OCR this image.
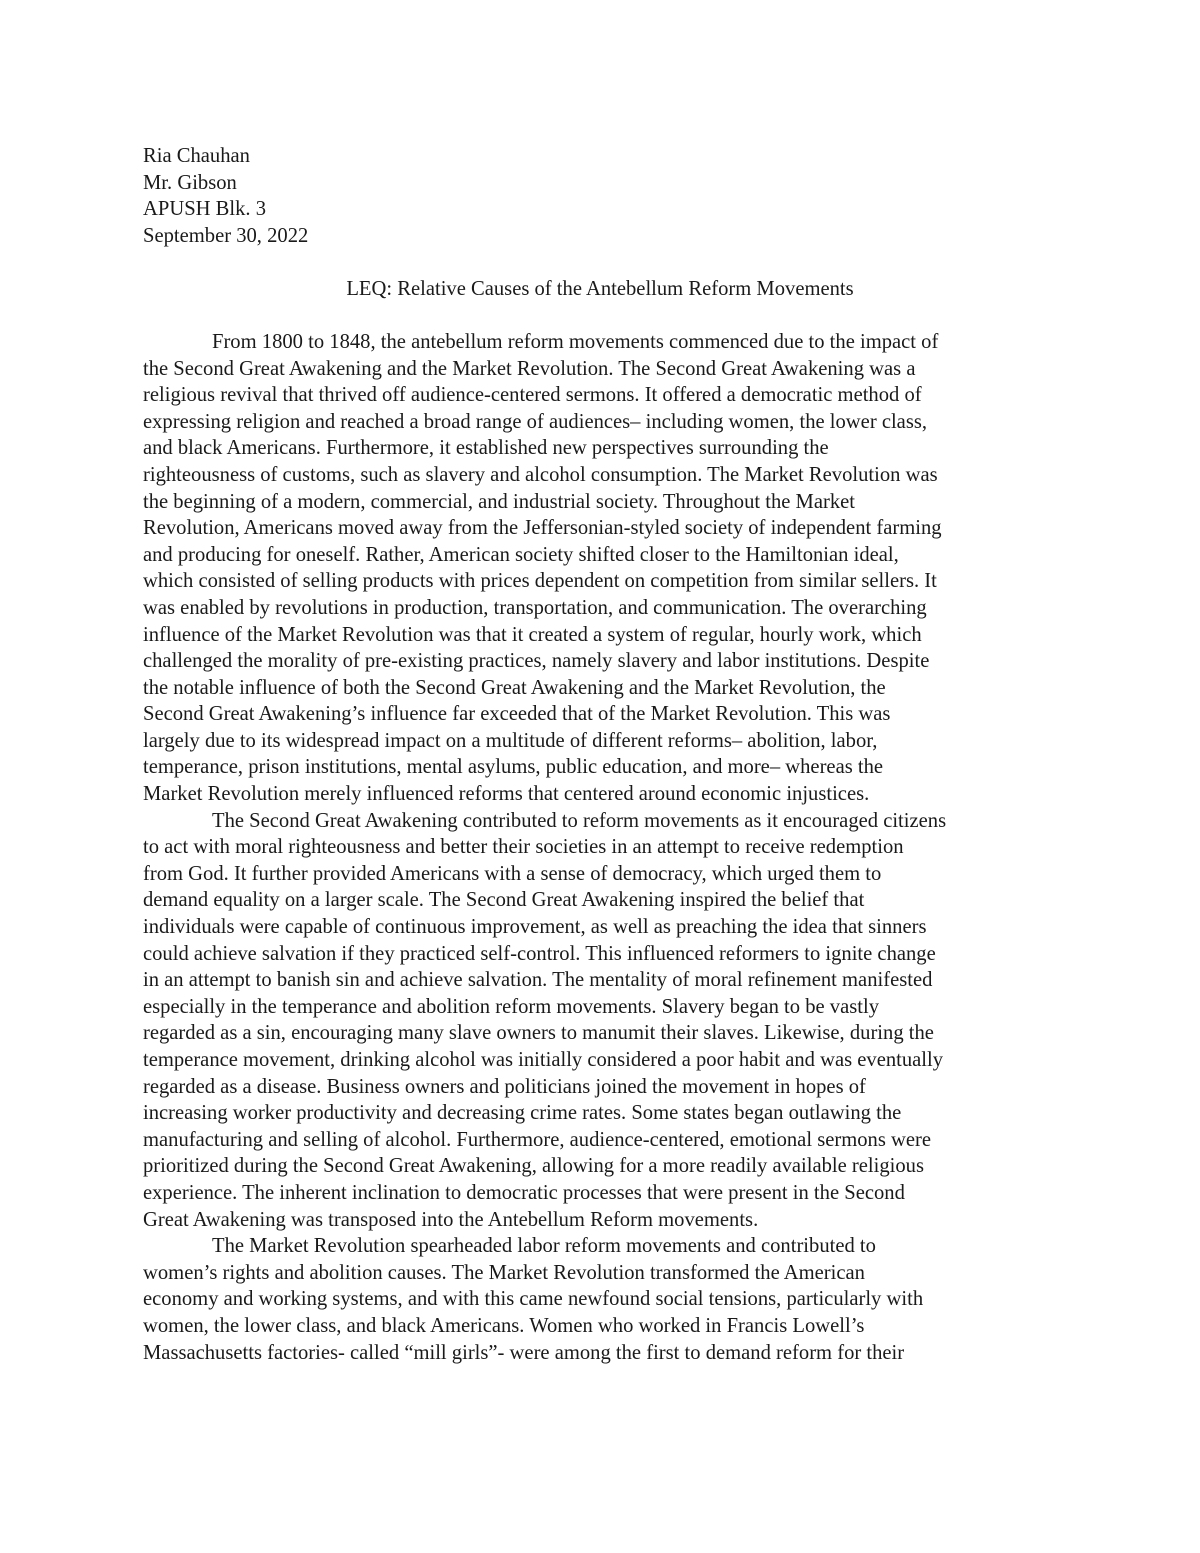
Ria Chauhan

Mr. Gibson

APUSH Blk. 3

September 30, 2022

LEQ: Relative Causes of the Antebellum Reform Movements

From 1800 to 1848, the antebellum reform movements commenced due to the impact of
the Second Great Awakening and the Market Revolution. The Second Great Awakening was a
religious revival that thrived off audience-centered sermons. It offered a democratic method of
expressing religion and reached a broad range of audiences– including women, the lower class,
and black Americans. Furthermore, it established new perspectives surrounding the
righteousness of customs, such as slavery and alcohol consumption. The Market Revolution was
the beginning of a modern, commercial, and industrial society. Throughout the Market
Revolution, Americans moved away from the Jeffersonian-styled society of independent farming
and producing for oneself. Rather, American society shifted closer to the Hamiltonian ideal,
which consisted of selling products with prices dependent on competition from similar sellers. It
was enabled by revolutions in production, transportation, and communication. The overarching
influence of the Market Revolution was that it created a system of regular, hourly work, which
challenged the morality of pre-existing practices, namely slavery and labor institutions. Despite
the notable influence of both the Second Great Awakening and the Market Revolution, the
Second Great Awakening’s influence far exceeded that of the Market Revolution. This was
largely due to its widespread impact on a multitude of different reforms– abolition, labor,
temperance, prison institutions, mental asylums, public education, and more– whereas the
Market Revolution merely influenced reforms that centered around economic injustices.
The Second Great Awakening contributed to reform movements as it encouraged citizens
to act with moral righteousness and better their societies in an attempt to receive redemption
from God. It further provided Americans with a sense of democracy, which urged them to
demand equality on a larger scale. The Second Great Awakening inspired the belief that
individuals were capable of continuous improvement, as well as preaching the idea that sinners
could achieve salvation if they practiced self-control. This influenced reformers to ignite change
in an attempt to banish sin and achieve salvation. The mentality of moral refinement manifested
especially in the temperance and abolition reform movements. Slavery began to be vastly
regarded as a sin, encouraging many slave owners to manumit their slaves. Likewise, during the
temperance movement, drinking alcohol was initially considered a poor habit and was eventually
regarded as a disease. Business owners and politicians joined the movement in hopes of
increasing worker productivity and decreasing crime rates. Some states began outlawing the
manufacturing and selling of alcohol. Furthermore, audience-centered, emotional sermons were
prioritized during the Second Great Awakening, allowing for a more readily available religious
experience. The inherent inclination to democratic processes that were present in the Second
Great Awakening was transposed into the Antebellum Reform movements.
The Market Revolution spearheaded labor reform movements and contributed to
women’s rights and abolition causes. The Market Revolution transformed the American
economy and working systems, and with this came newfound social tensions, particularly with
women, the lower class, and black Americans. Women who worked in Francis Lowell’s
Massachusetts factories- called “mill girls”- were among the first to demand reform for their
